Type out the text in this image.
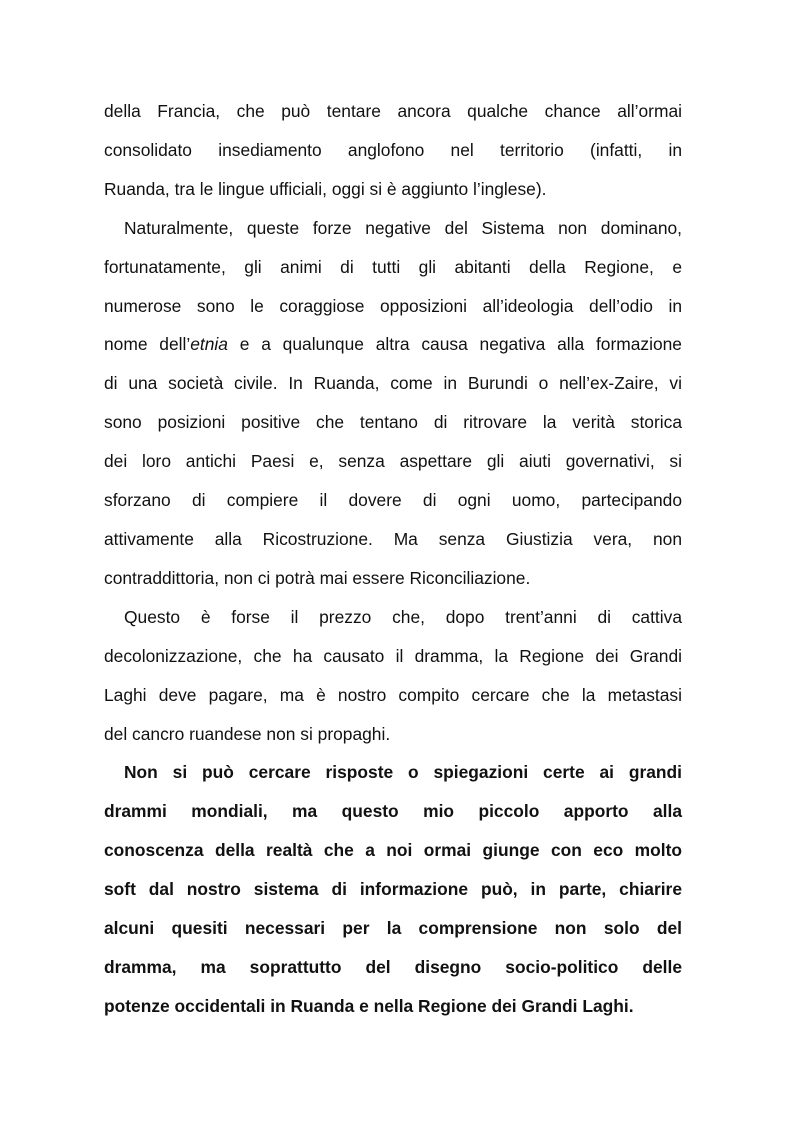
della Francia, che può tentare ancora qualche chance all’ormai
consolidato insediamento anglofono nel territorio (infatti, in
Ruanda, tra le lingue ufficiali, oggi si è aggiunto l’inglese).

Naturalmente, queste forze negative del Sistema non dominano,
fortunatamente, gli animi di tutti gli abitanti della Regione, e
numerose sono le coraggiose opposizioni all’ideologia dell’odio in
nome dell’etnia e a qualunque altra causa negativa alla formazione
di una società civile. In Ruanda, come in Burundi o nell’ex-Zaire, vi
sono posizioni positive che tentano di ritrovare la verità storica
dei loro antichi Paesi e, senza aspettare gli aiuti governativi, si
sforzano di compiere il dovere di ogni uomo, partecipando
attivamente alla Ricostruzione. Ma senza Giustizia vera, non
contraddittoria, non ci potrà mai essere Riconciliazione.

Questo è forse il prezzo che, dopo trent’anni di cattiva
decolonizzazione, che ha causato il dramma, la Regione dei Grandi
Laghi deve pagare, ma è nostro compito cercare che la metastasi
del cancro ruandese non si propaghi.

Non si può cercare risposte o spiegazioni certe ai grandi
drammi mondiali, ma questo mio piccolo apporto alla
conoscenza della realtà che a noi ormai giunge con eco molto
soft dal nostro sistema di informazione può, in parte, chiarire
alcuni quesiti necessari per la comprensione non solo del
dramma, ma soprattutto del disegno socio-politico delle
potenze occidentali in Ruanda e nella Regione dei Grandi Laghi.
